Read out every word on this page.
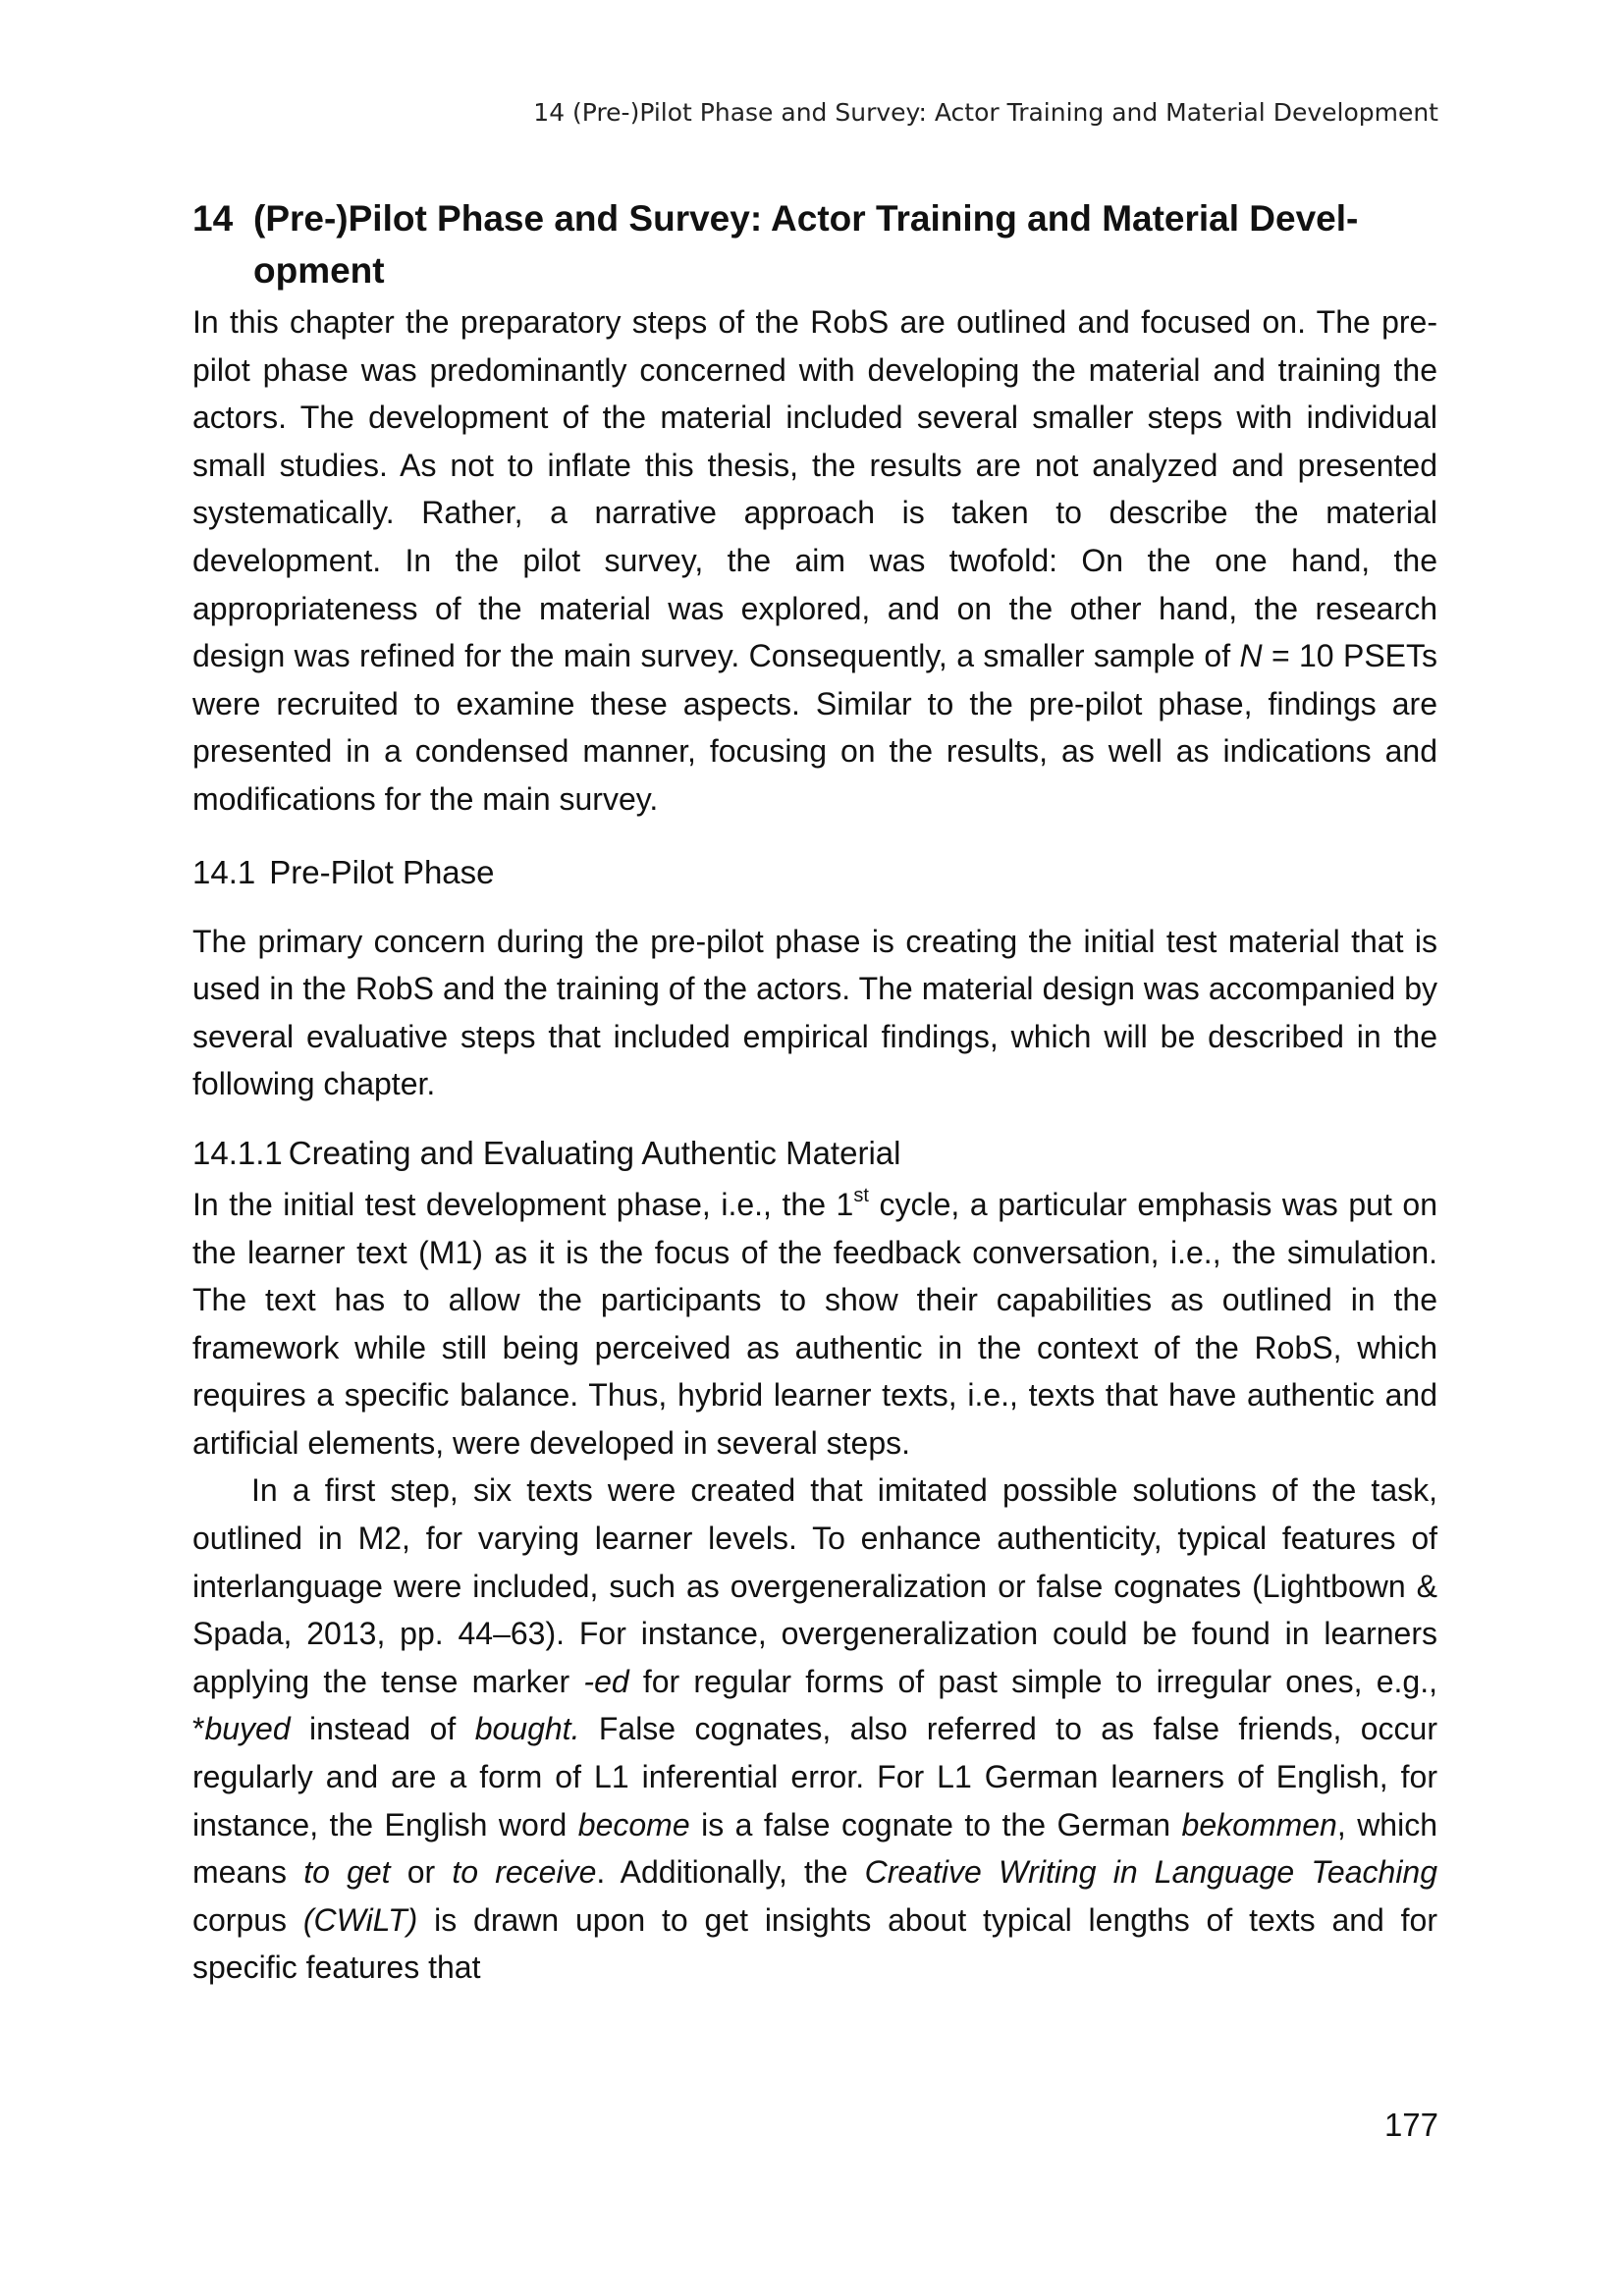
14 (Pre-)Pilot Phase and Survey: Actor Training and Material Development
14 (Pre-)Pilot Phase and Survey: Actor Training and Material Development

In this chapter the preparatory steps of the RobS are outlined and focused on. The pre-pilot phase was predominantly concerned with developing the material and training the actors. The development of the material included several smaller steps with individual small studies. As not to inflate this thesis, the results are not analyzed and presented systematically. Rather, a narrative approach is taken to describe the material development. In the pilot survey, the aim was twofold: On the one hand, the appropriateness of the material was explored, and on the other hand, the research design was refined for the main survey. Consequently, a smaller sample of N = 10 PSETs were recruited to examine these aspects. Similar to the pre-pilot phase, findings are presented in a condensed manner, focusing on the results, as well as indications and modifications for the main survey.

14.1 Pre-Pilot Phase

The primary concern during the pre-pilot phase is creating the initial test material that is used in the RobS and the training of the actors. The material design was accompanied by several evaluative steps that included empirical findings, which will be described in the following chapter.

14.1.1 Creating and Evaluating Authentic Material

In the initial test development phase, i.e., the 1st cycle, a particular emphasis was put on the learner text (M1) as it is the focus of the feedback conversation, i.e., the simulation. The text has to allow the participants to show their capabilities as outlined in the framework while still being perceived as authentic in the context of the RobS, which requires a specific balance. Thus, hybrid learner texts, i.e., texts that have authentic and artificial elements, were developed in several steps.

In a first step, six texts were created that imitated possible solutions of the task, outlined in M2, for varying learner levels. To enhance authenticity, typical features of interlanguage were included, such as overgeneralization or false cognates (Lightbown & Spada, 2013, pp. 44–63). For instance, overgeneralization could be found in learners applying the tense marker -ed for regular forms of past simple to irregular ones, e.g., *buyed instead of bought. False cognates, also referred to as false friends, occur regularly and are a form of L1 inferential error. For L1 German learners of English, for instance, the English word become is a false cognate to the German bekommen, which means to get or to receive. Additionally, the Creative Writing in Language Teaching corpus (CWiLT) is drawn upon to get insights about typical lengths of texts and for specific features that

177
